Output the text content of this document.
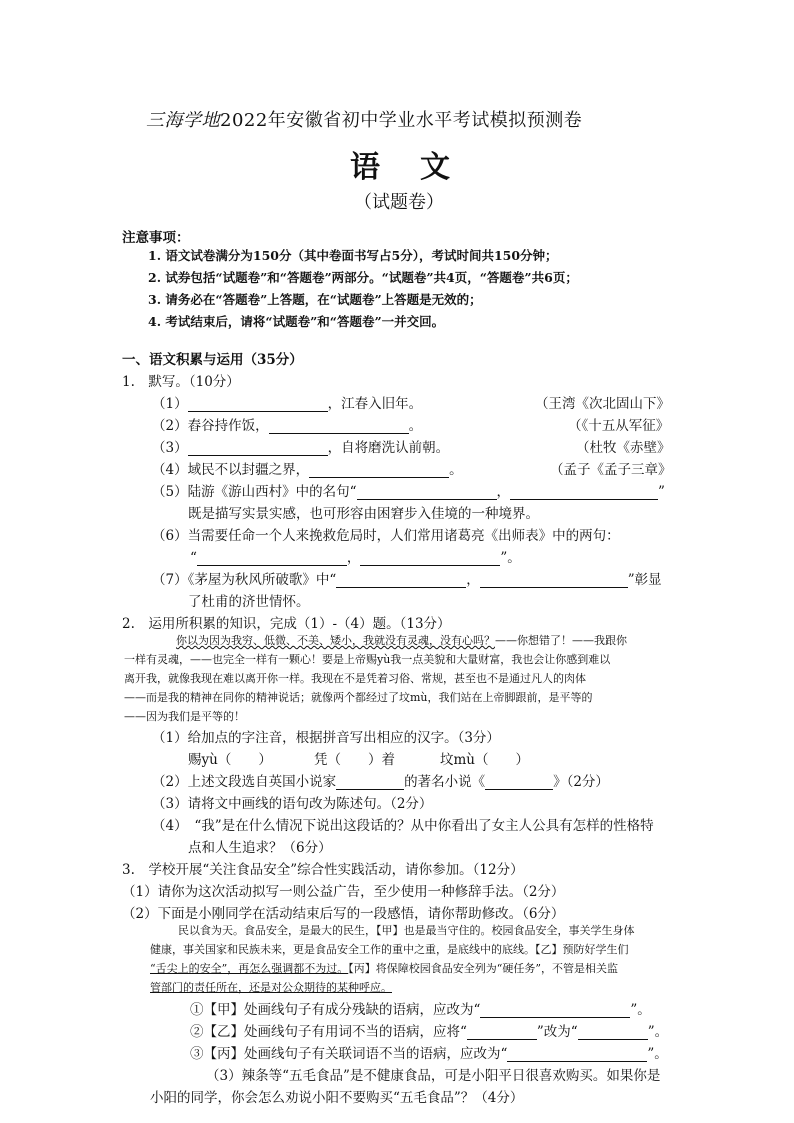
三海学地2022年安徽省初中学业水平考试模拟预测卷
语文
（试题卷）
注意事项：
1. 语文试卷满分为150分（其中卷面书写占5分），考试时间共150分钟；
2. 试券包括“试题卷”和“答题卷”两部分。“试题卷”共4页，“答题卷”共6页；
3. 请务必在“答题卷”上答题，在“试题卷”上答题是无效的；
4. 考试结束后，请将“试题卷”和“答题卷”一并交回。
一、语文积累与运用（35分）
1.　默写。（10分）
（1）	，江春入旧年。	（王湾《次北固山下》
（2）舂谷持作饭，	。	（《十五从军征》
（3）	，自将磨洗认前朝。	（杜牧《赤壁》
（4）域民不以封疆之界，	。	（孟子《孟子三章》
（5）陆游《游山西村》中的名句“	，	”
既是描写实景实感，也可形容由困窘步入佳境的一种境界。
（6）当需要任命一个人来挽救危局时，人们常用诸葛亮《出师表》中的两句：
“	，	”。
（7）《茅屋为秋风所破歌》中“	，	”彰显
了杜甫的济世情怀。
2.　运用所积累的知识，完成（1）-（4）题。（13分）
你以为因为我穷、低微、不美、矮小，我就没有灵魂，没有心吗？——你想错了！——我跟你
一样有灵魂，——也完全一样有一颗心！要是上帝赐yù我一点美貌和大量财富，我也会让你感到难以
离开我，就像我现在难以离开你一样。我现在不是凭着习俗、常规，甚至也不是通过凡人的肉体
——而是我的精神在同你的精神说话；就像两个都经过了坟mù，我们站在上帝脚跟前，是平等的
——因为我们是平等的！
（1）给加点的字注音，根据拼音写出相应的汉字。（3分）
赐yù（　　）	凭（　　）着	坟mù（　　）
（2）上述文段选自英国小说家	的著名小说《	》（2分）
（3）请将文中画线的语句改为陈述句。（2分）
（4）　“我”是在什么情况下说出这段话的？从中你看出了女主人公具有怎样的性格特
点和人生追求？（6分）
3.　学校开展“关注食品安全”综合性实践活动，请你参加。（12分）
（1）请你为这次活动拟写一则公益广告，至少使用一种修辞手法。（2分）
（2）下面是小刚同学在活动结束后写的一段感悟，请你帮助修改。（6分）
民以食为天。食品安全，是最大的民生，【甲】也是最当守住的。校园食品安全，事关学生身体
健康，事关国家和民族未来，更是食品安全工作的重中之重，是底线中的底线。【乙】预防好学生们
“舌尖上的安全”，再怎么强调都不为过。【丙】将保障校园食品安全列为“硬任务”，不管是相关监
管部门的责任所在，还是对公众期待的某种呼应。
①【甲】处画线句子有成分残缺的语病，应改为“	”。
②【乙】处画线句子有用词不当的语病，应将“	”改为“	”。
③【丙】处画线句子有关联词语不当的语病，应改为“	”。
（3）辣条等“五毛食品”是不健康食品，可是小阳平日很喜欢购买。如果你是
小阳的同学，你会怎么劝说小阳不要购买“五毛食品”？（4分）
